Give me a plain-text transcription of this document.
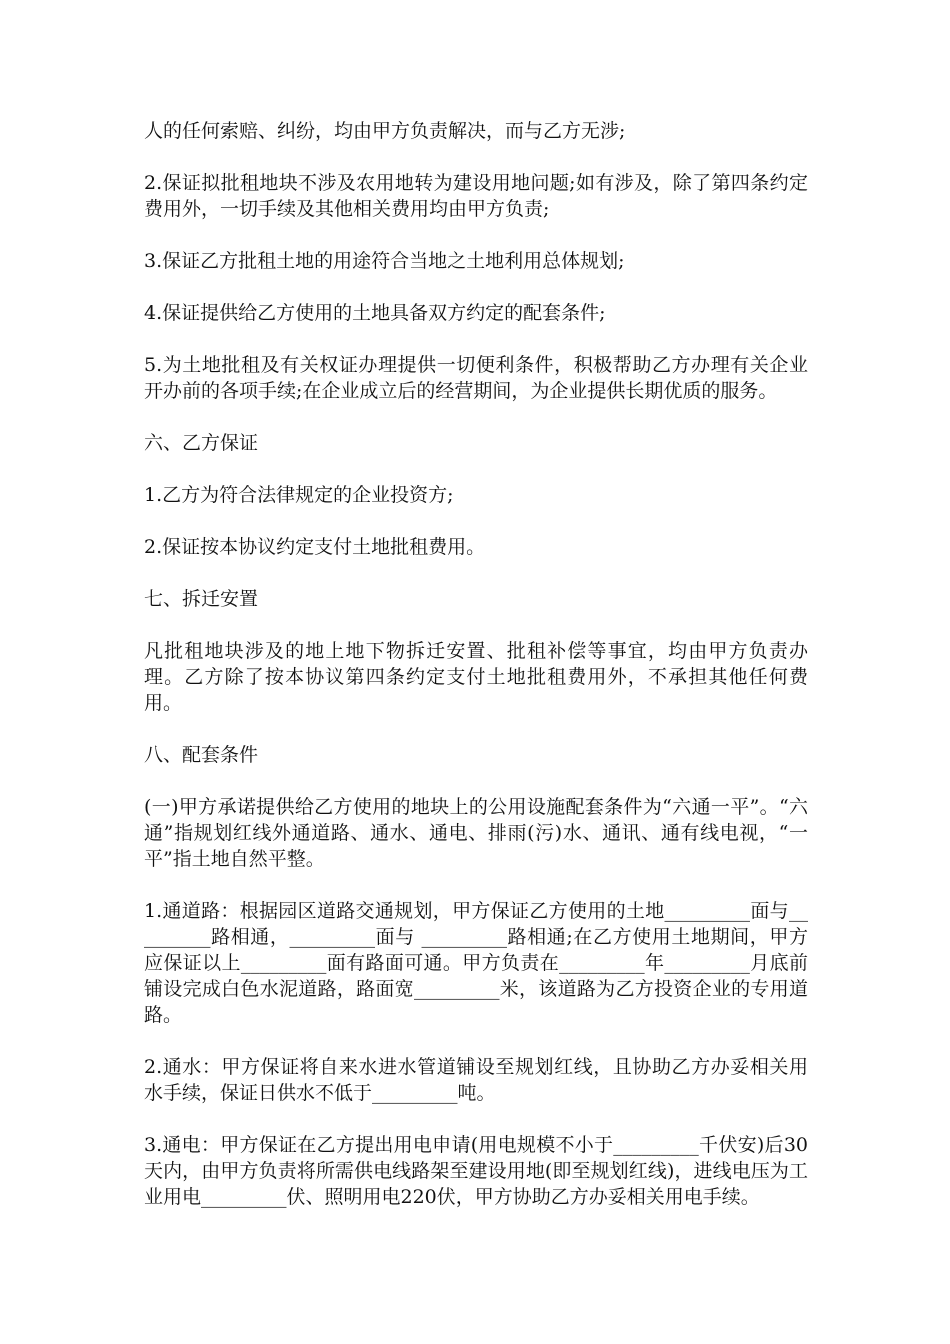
人的任何索赔、纠纷，均由甲方负责解决，而与乙方无涉;

2.保证拟批租地块不涉及农用地转为建设用地问题;如有涉及，除了第四条约定费用外，一切手续及其他相关费用均由甲方负责;

3.保证乙方批租土地的用途符合当地之土地利用总体规划;

4.保证提供给乙方使用的土地具备双方约定的配套条件;

5.为土地批租及有关权证办理提供一切便利条件，积极帮助乙方办理有关企业开办前的各项手续;在企业成立后的经营期间，为企业提供长期优质的服务。

六、乙方保证

1.乙方为符合法律规定的企业投资方;

2.保证按本协议约定支付土地批租费用。

七、拆迁安置

凡批租地块涉及的地上地下物拆迁安置、批租补偿等事宜，均由甲方负责办理。乙方除了按本协议第四条约定支付土地批租费用外，不承担其他任何费用。

八、配套条件

(一)甲方承诺提供给乙方使用的地块上的公用设施配套条件为“六通一平”。“六通”指规划红线外通道路、通水、通电、排雨(污)水、通讯、通有线电视，“一平”指土地自然平整。

1.通道路：根据园区道路交通规划，甲方保证乙方使用的土地_________面与_________路相通，_________面与 _________路相通;在乙方使用土地期间，甲方应保证以上_________面有路面可通。甲方负责在_________年_________月底前铺设完成白色水泥道路，路面宽_________米，该道路为乙方投资企业的专用道路。

2.通水：甲方保证将自来水进水管道铺设至规划红线，且协助乙方办妥相关用水手续，保证日供水不低于_________吨。

3.通电：甲方保证在乙方提出用电申请(用电规模不小于_________千伏安)后30天内，由甲方负责将所需供电线路架至建设用地(即至规划红线)，进线电压为工业用电_________伏、照明用电220伏，甲方协助乙方办妥相关用电手续。
